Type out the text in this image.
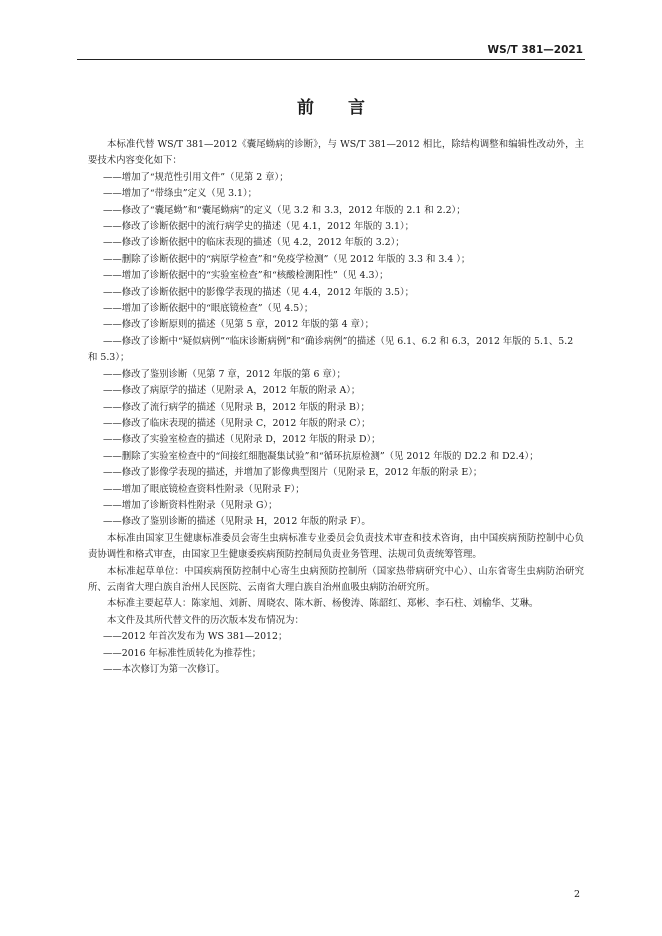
WS/T 381—2021
前 言

本标准代替 WS/T 381—2012《囊尾蚴病的诊断》，与 WS/T 381—2012 相比，除结构调整和编辑性改动外，主要技术内容变化如下：

——增加了“规范性引用文件”（见第 2 章）；

——增加了“带绦虫”定义（见 3.1）；

——修改了“囊尾蚴”和“囊尾蚴病”的定义（见 3.2 和 3.3，2012 年版的 2.1 和 2.2）；

——修改了诊断依据中的流行病学史的描述（见 4.1，2012 年版的 3.1）；

——修改了诊断依据中的临床表现的描述（见 4.2，2012 年版的 3.2）；

——删除了诊断依据中的“病原学检查”和“免疫学检测”（见 2012 年版的 3.3 和 3.4 ）；

——增加了诊断依据中的“实验室检查”和“核酸检测阳性”（见 4.3）；

——修改了诊断依据中的影像学表现的描述（见 4.4，2012 年版的 3.5）；

——增加了诊断依据中的“眼底镜检查”（见 4.5）；

——修改了诊断原则的描述（见第 5 章，2012 年版的第 4 章）；

——修改了诊断中“疑似病例”“临床诊断病例”和“确诊病例”的描述（见 6.1、6.2 和 6.3，2012 年版的 5.1、5.2 和 5.3）；

——修改了鉴别诊断（见第 7 章，2012 年版的第 6 章）；

——修改了病原学的描述（见附录 A，2012 年版的附录 A）；

——修改了流行病学的描述（见附录 B，2012 年版的附录 B）；

——修改了临床表现的描述（见附录 C，2012 年版的附录 C）；

——修改了实验室检查的描述（见附录 D，2012 年版的附录 D）；

——删除了实验室检查中的“间接红细胞凝集试验”和“循环抗原检测”（见 2012 年版的 D2.2 和 D2.4）；

——修改了影像学表现的描述，并增加了影像典型图片（见附录 E，2012 年版的附录 E）；

——增加了眼底镜检查资料性附录（见附录 F）；

——增加了诊断资料性附录（见附录 G）；

——修改了鉴别诊断的描述（见附录 H，2012 年版的附录 F）。

本标准由国家卫生健康标准委员会寄生虫病标准专业委员会负责技术审查和技术咨询，由中国疾病预防控制中心负责协调性和格式审查，由国家卫生健康委疾病预防控制局负责业务管理、法规司负责统筹管理。

本标准起草单位：中国疾病预防控制中心寄生虫病预防控制所（国家热带病研究中心）、山东省寄生虫病防治研究所、云南省大理白族自治州人民医院、云南省大理白族自治州血吸虫病防治研究所。

本标准主要起草人：陈家旭、刘新、周晓农、陈木新、杨俊涛、陈韶红、郑彬、李石柱、刘榆华、艾琳。

本文件及其所代替文件的历次版本发布情况为：

——2012 年首次发布为 WS 381—2012；

——2016 年标准性质转化为推荐性；

——本次修订为第一次修订。

2
